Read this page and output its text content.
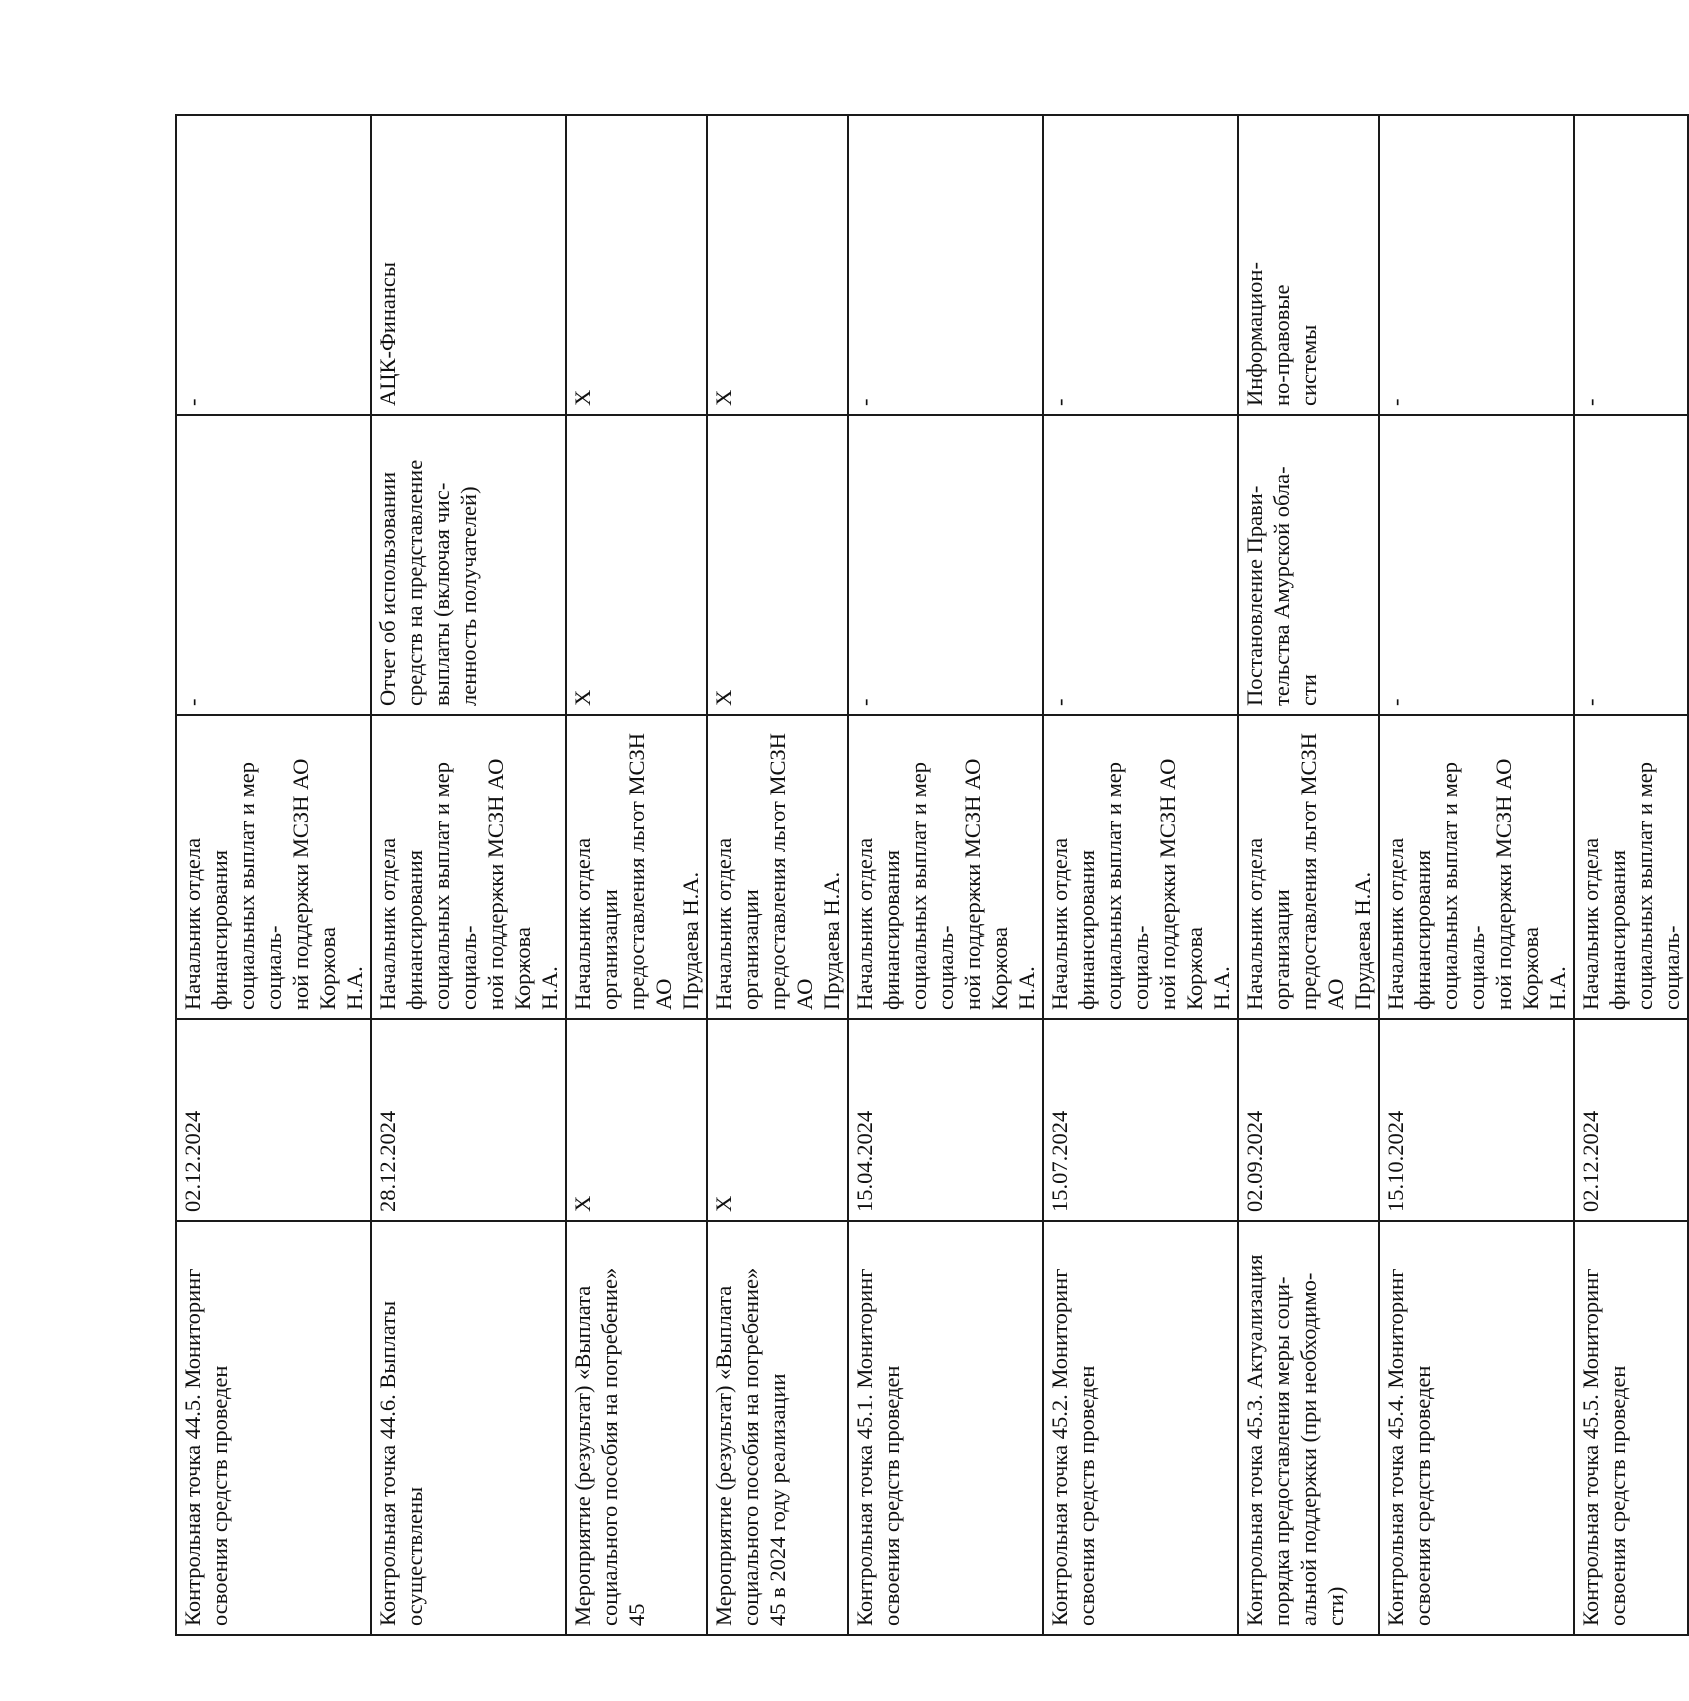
Контрольная точка 44.5. Мониторинг
освоения средств проведен	02.12.2024	Начальник отдела финансирования
социальных выплат и мер социаль-
ной поддержки МСЗН АО Коржова
Н.А.	-	-

Контрольная точка 44.6. Выплаты
осуществлены	28.12.2024	Начальник отдела финансирования
социальных выплат и мер социаль-
ной поддержки МСЗН АО Коржова
Н.А.	Отчет об использовании
средств на представление
выплаты (включая чис-
ленность получателей)	АЦК-Финансы

Мероприятие (результат) «Выплата
социального пособия на погребение»
45	Х	Начальник отдела организации
предоставления льгот МСЗН АО
Прудаева Н.А.	Х	Х

Мероприятие (результат) «Выплата
социального пособия на погребение»
45 в 2024 году реализации	Х	Начальник отдела организации
предоставления льгот МСЗН АО
Прудаева Н.А.	Х	Х

Контрольная точка 45.1. Мониторинг
освоения средств проведен	15.04.2024	Начальник отдела финансирования
социальных выплат и мер социаль-
ной поддержки МСЗН АО Коржова
Н.А.	-	-

Контрольная точка 45.2. Мониторинг
освоения средств проведен	15.07.2024	Начальник отдела финансирования
социальных выплат и мер социаль-
ной поддержки МСЗН АО Коржова
Н.А.	-	-

Контрольная точка 45.3. Актуализация
порядка предоставления меры соци-
альной поддержки (при необходимо-
сти)	02.09.2024	Начальник отдела организации
предоставления льгот МСЗН АО
Прудаева Н.А.	Постановление Прави-
тельства Амурской обла-
сти	Информацион-
но-правовые
системы

Контрольная точка 45.4. Мониторинг
освоения средств проведен	15.10.2024	Начальник отдела финансирования
социальных выплат и мер социаль-
ной поддержки МСЗН АО Коржова
Н.А.	-	-

Контрольная точка 45.5. Мониторинг
освоения средств проведен	02.12.2024	Начальник отдела финансирования
социальных выплат и мер социаль-	-	-
